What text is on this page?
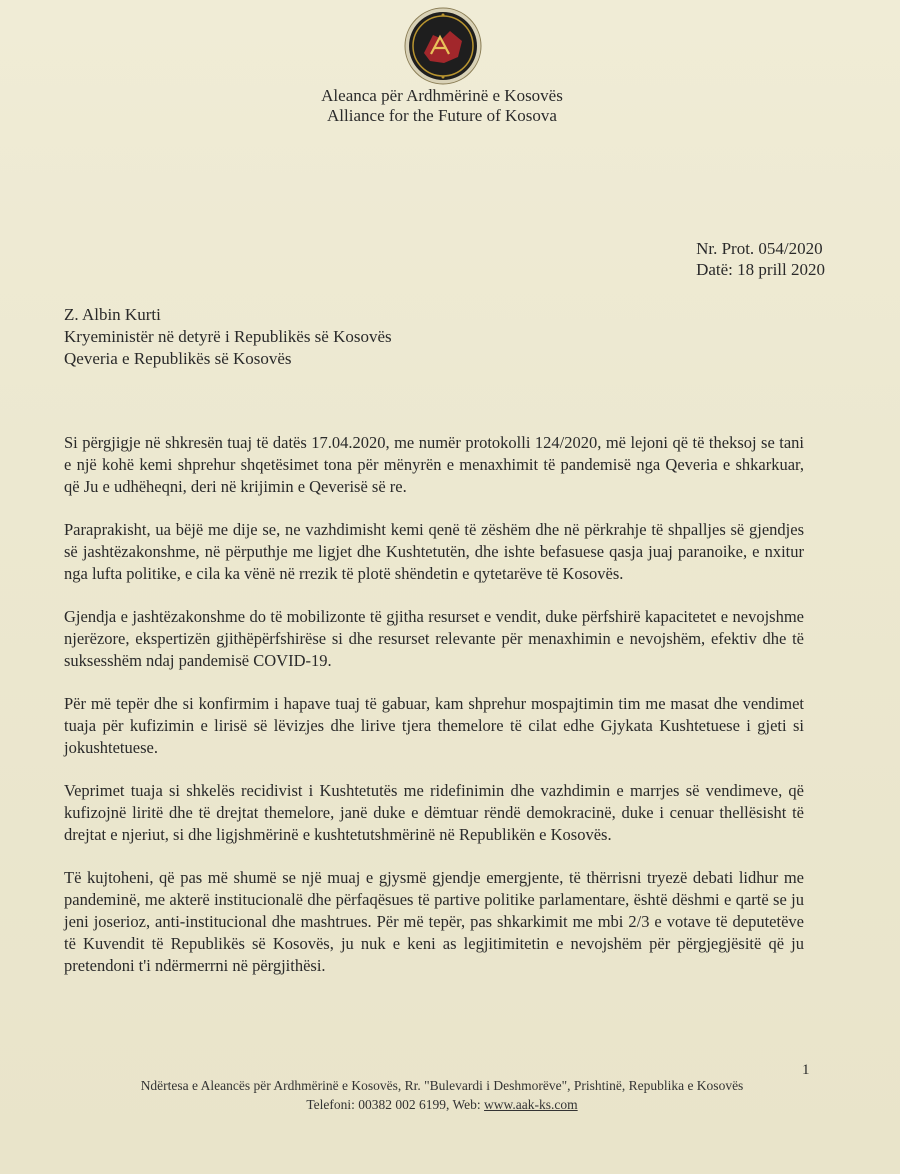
Aleanca për Ardhmërinë e Kosovës
Alliance for the Future of Kosova
Nr. Prot. 054/2020
Datë: 18 prill 2020
Z. Albin Kurti
Kryeministër në detyrë i Republikës së Kosovës
Qeveria e Republikës së Kosovës

Si përgjigje në shkresën tuaj të datës 17.04.2020, me numër protokolli 124/2020, më lejoni që të theksoj se tani e një kohë kemi shprehur shqetësimet tona për mënyrën e menaxhimit të pandemisë nga Qeveria e shkarkuar, që Ju e udhëheqni, deri në krijimin e Qeverisë së re.

Paraprakisht, ua bëjë me dije se, ne vazhdimisht kemi qenë të zëshëm dhe në përkrahje të shpalljes së gjendjes së jashtëzakonshme, në përputhje me ligjet dhe Kushtetutën, dhe ishte befasuese qasja juaj paranoike, e nxitur nga lufta politike, e cila ka vënë në rrezik të plotë shëndetin e qytetarëve të Kosovës.

Gjendja e jashtëzakonshme do të mobilizonte të gjitha resurset e vendit, duke përfshirë kapacitetet e nevojshme njerëzore, ekspertizën gjithëpërfshirëse si dhe resurset relevante për menaxhimin e nevojshëm, efektiv dhe të suksesshëm ndaj pandemisë COVID-19.

Për më tepër dhe si konfirmim i hapave tuaj të gabuar, kam shprehur mospajtimin tim me masat dhe vendimet tuaja për kufizimin e lirisë së lëvizjes dhe lirive tjera themelore të cilat edhe Gjykata Kushtetuese i gjeti si jokushtetuese.

Veprimet tuaja si shkelës recidivist i Kushtetutës me ridefinimin dhe vazhdimin e marrjes së vendimeve, që kufizojnë liritë dhe të drejtat themelore, janë duke e dëmtuar rëndë demokracinë, duke i cenuar thellësisht të drejtat e njeriut, si dhe ligjshmërinë e kushtetutshmërinë në Republikën e Kosovës.

Të kujtoheni, që pas më shumë se një muaj e gjysmë gjendje emergjente, të thërrisni tryezë debati lidhur me pandeminë, me akterë institucionalë dhe përfaqësues të partive politike parlamentare, është dëshmi e qartë se ju jeni joserioz, anti-institucional dhe mashtrues. Për më tepër, pas shkarkimit me mbi 2/3 e votave të deputetëve të Kuvendit të Republikës së Kosovës, ju nuk e keni as legjitimitetin e nevojshëm për përgjegjësitë që ju pretendoni t'i ndërmerrni në përgjithësi.

1
Ndërtesa e Aleancës për Ardhmërinë e Kosovës, Rr. "Bulevardi i Deshmorëve", Prishtinë, Republika e Kosovës
Telefoni: 00382 002 6199, Web: www.aak-ks.com
